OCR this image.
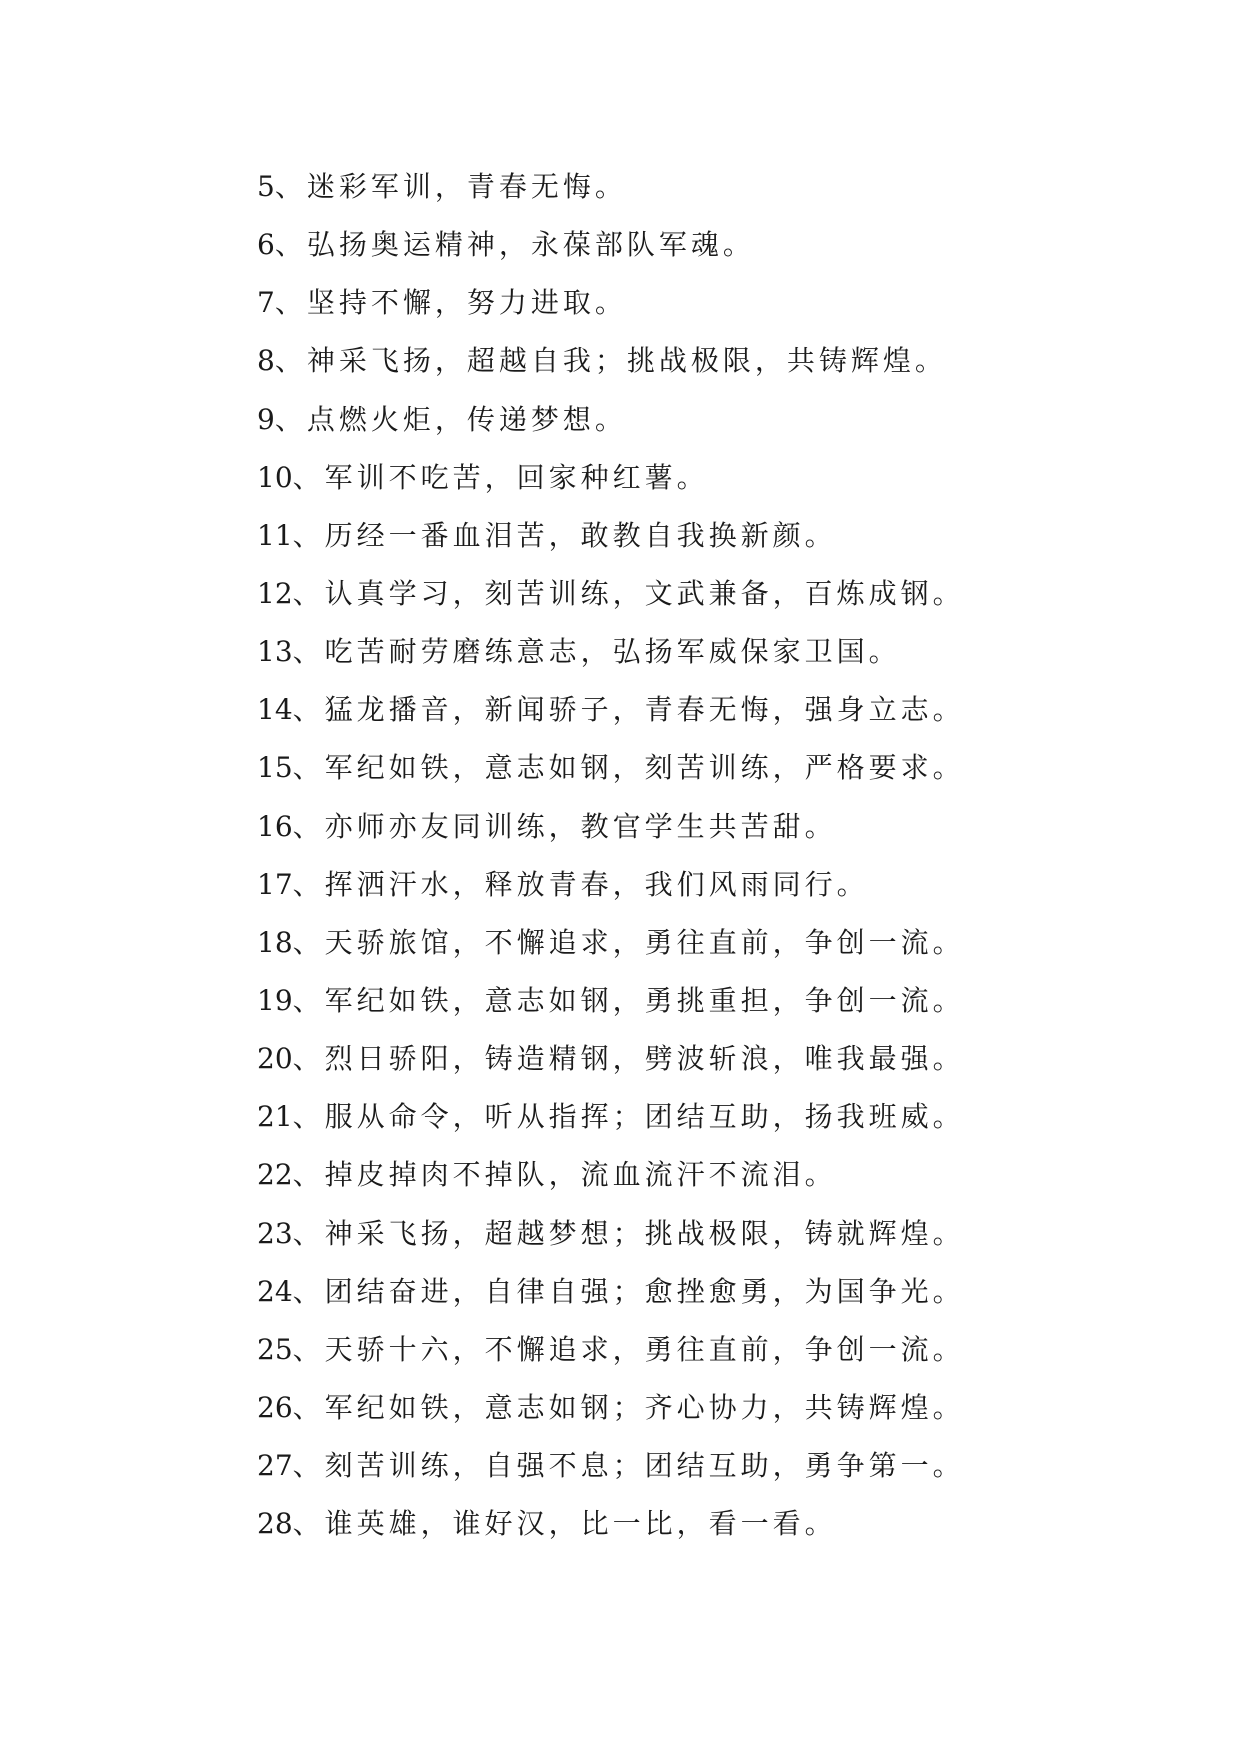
5、迷彩军训，青春无悔。
6、弘扬奥运精神，永葆部队军魂。
7、坚持不懈，努力进取。
8、神采飞扬，超越自我；挑战极限，共铸辉煌。
9、点燃火炬，传递梦想。
10、军训不吃苦，回家种红薯。
11、历经一番血泪苦，敢教自我换新颜。
12、认真学习，刻苦训练，文武兼备，百炼成钢。
13、吃苦耐劳磨练意志，弘扬军威保家卫国。
14、猛龙播音，新闻骄子，青春无悔，强身立志。
15、军纪如铁，意志如钢，刻苦训练，严格要求。
16、亦师亦友同训练，教官学生共苦甜。
17、挥洒汗水，释放青春，我们风雨同行。
18、天骄旅馆，不懈追求，勇往直前，争创一流。
19、军纪如铁，意志如钢，勇挑重担，争创一流。
20、烈日骄阳，铸造精钢，劈波斩浪，唯我最强。
21、服从命令，听从指挥；团结互助，扬我班威。
22、掉皮掉肉不掉队，流血流汗不流泪。
23、神采飞扬，超越梦想；挑战极限，铸就辉煌。
24、团结奋进，自律自强；愈挫愈勇，为国争光。
25、天骄十六，不懈追求，勇往直前，争创一流。
26、军纪如铁，意志如钢；齐心协力，共铸辉煌。
27、刻苦训练，自强不息；团结互助，勇争第一。
28、谁英雄，谁好汉，比一比，看一看。
